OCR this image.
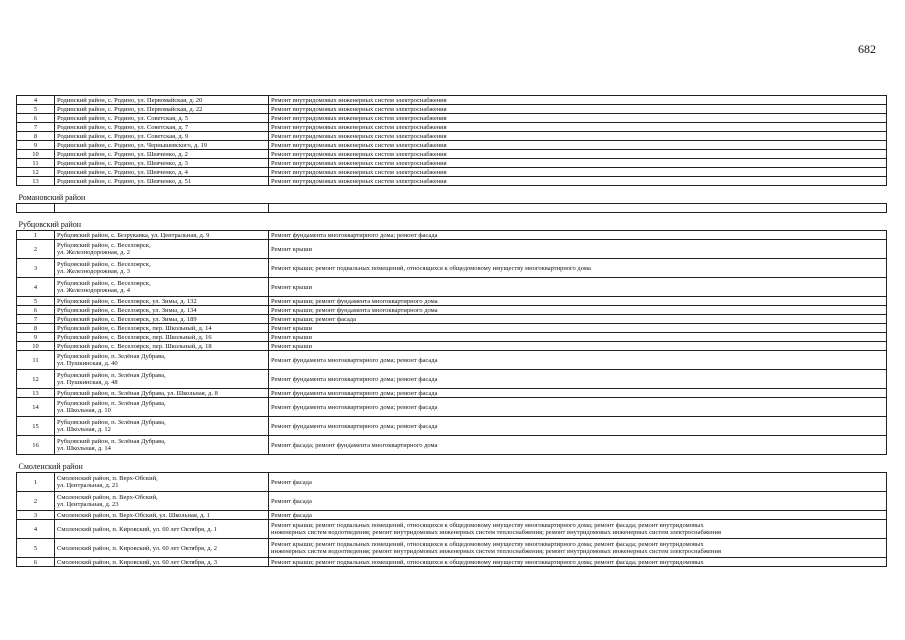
682
4	Родинский район, с. Родино, ул. Первомайская, д. 20	Ремонт внутридомовых инженерных систем электроснабжения
5	Родинский район, с. Родино, ул. Первомайская, д. 22	Ремонт внутридомовых инженерных систем электроснабжения
6	Родинский район, с. Родино, ул. Советская, д. 5	Ремонт внутридомовых инженерных систем электроснабжения
7	Родинский район, с. Родино, ул. Советская, д. 7	Ремонт внутридомовых инженерных систем электроснабжения
8	Родинский район, с. Родино, ул. Советская, д. 9	Ремонт внутридомовых инженерных систем электроснабжения
9	Родинский район, с. Родино, ул. Чернышевского, д. 19	Ремонт внутридомовых инженерных систем электроснабжения
10	Родинский район, с. Родино, ул. Шевченко, д. 2	Ремонт внутридомовых инженерных систем электроснабжения
11	Родинский район, с. Родино, ул. Шевченко, д. 3	Ремонт внутридомовых инженерных систем электроснабжения
12	Родинский район, с. Родино, ул. Шевченко, д. 4	Ремонт внутридомовых инженерных систем электроснабжения
13	Родинский район, с. Родино, ул. Шевченко, д. 51	Ремонт внутридомовых инженерных систем электроснабжения
Романовский район		

Рубцовский район		
1	Рубцовский район, с. Безрукавка, ул. Центральная, д. 9	Ремонт фундамента многоквартирного дома; ремонт фасада
2	Рубцовский район, с. Веселоярск,
ул. Железнодорожная, д. 2	Ремонт крыши
3	Рубцовский район, с. Веселоярск,
ул. Железнодорожная, д. 3	Ремонт крыши; ремонт подвальных помещений, относящихся к общедомовому имуществу многоквартирного дома
4	Рубцовский район, с. Веселоярск,
ул. Железнодорожная, д. 4	Ремонт крыши
5	Рубцовский район, с. Веселоярск, ул. Зимы, д. 132	Ремонт крыши; ремонт фундамента многоквартирного дома
6	Рубцовский район, с. Веселоярск, ул. Зимы, д. 134	Ремонт крыши; ремонт фундамента многоквартирного дома
7	Рубцовский район, с. Веселоярск, ул. Зимы, д. 189	Ремонт крыши; ремонт фасада
8	Рубцовский район, с. Веселоярск, пер. Школьный, д. 14	Ремонт крыши
9	Рубцовский район, с. Веселоярск, пер. Школьный, д. 16	Ремонт крыши
10	Рубцовский район, с. Веселоярск, пер. Школьный, д. 18	Ремонт крыши
11	Рубцовский район, п. Зелёная Дубрава,
ул. Пушкинская, д. 40	Ремонт фундамента многоквартирного дома; ремонт фасада
12	Рубцовский район, п. Зелёная Дубрава,
ул. Пушкинская, д. 48	Ремонт фундамента многоквартирного дома; ремонт фасада
13	Рубцовский район, п. Зелёная Дубрава, ул. Школьная, д. 8	Ремонт фундамента многоквартирного дома; ремонт фасада
14	Рубцовский район, п. Зелёная Дубрава,
ул. Школьная, д. 10	Ремонт фундамента многоквартирного дома; ремонт фасада
15	Рубцовский район, п. Зелёная Дубрава,
ул. Школьная, д. 12	Ремонт фундамента многоквартирного дома; ремонт фасада
16	Рубцовский район, п. Зелёная Дубрава,
ул. Школьная, д. 14	Ремонт фасада; ремонт фундамента многоквартирного дома
Смоленский район		
1	Смоленский район, п. Верх-Обский,
ул. Центральная, д. 21	Ремонт фасада

2	Смоленский район, п. Верх-Обский,
ул. Центральная, д. 23	Ремонт фасада

3	Смоленский район, п. Верх-Обский, ул. Школьная, д. 1	Ремонт фасада

4	Смоленский район, п. Кировский, ул. 60 лет Октября, д. 1	Ремонт крыши; ремонт подвальных помещений, относящихся к общедомовому имуществу многоквартирного дома; ремонт фасада; ремонт внутридомовых
инженерных систем водоотведения; ремонт внутридомовых инженерных систем теплоснабжения; ремонт внутридомовых инженерных систем электроснабжения

5	Смоленский район, п. Кировский, ул. 60 лет Октября, д. 2	Ремонт крыши; ремонт подвальных помещений, относящихся к общедомовому имуществу многоквартирного дома; ремонт фасада; ремонт внутридомовых
инженерных систем водоотведения; ремонт внутридомовых инженерных систем теплоснабжения; ремонт внутридомовых инженерных систем электроснабжения

6	Смоленский район, п. Кировский, ул. 60 лет Октября, д. 3	Ремонт крыши; ремонт подвальных помещений, относящихся к общедомовому имуществу многоквартирного дома; ремонт фасада; ремонт внутридомовых
